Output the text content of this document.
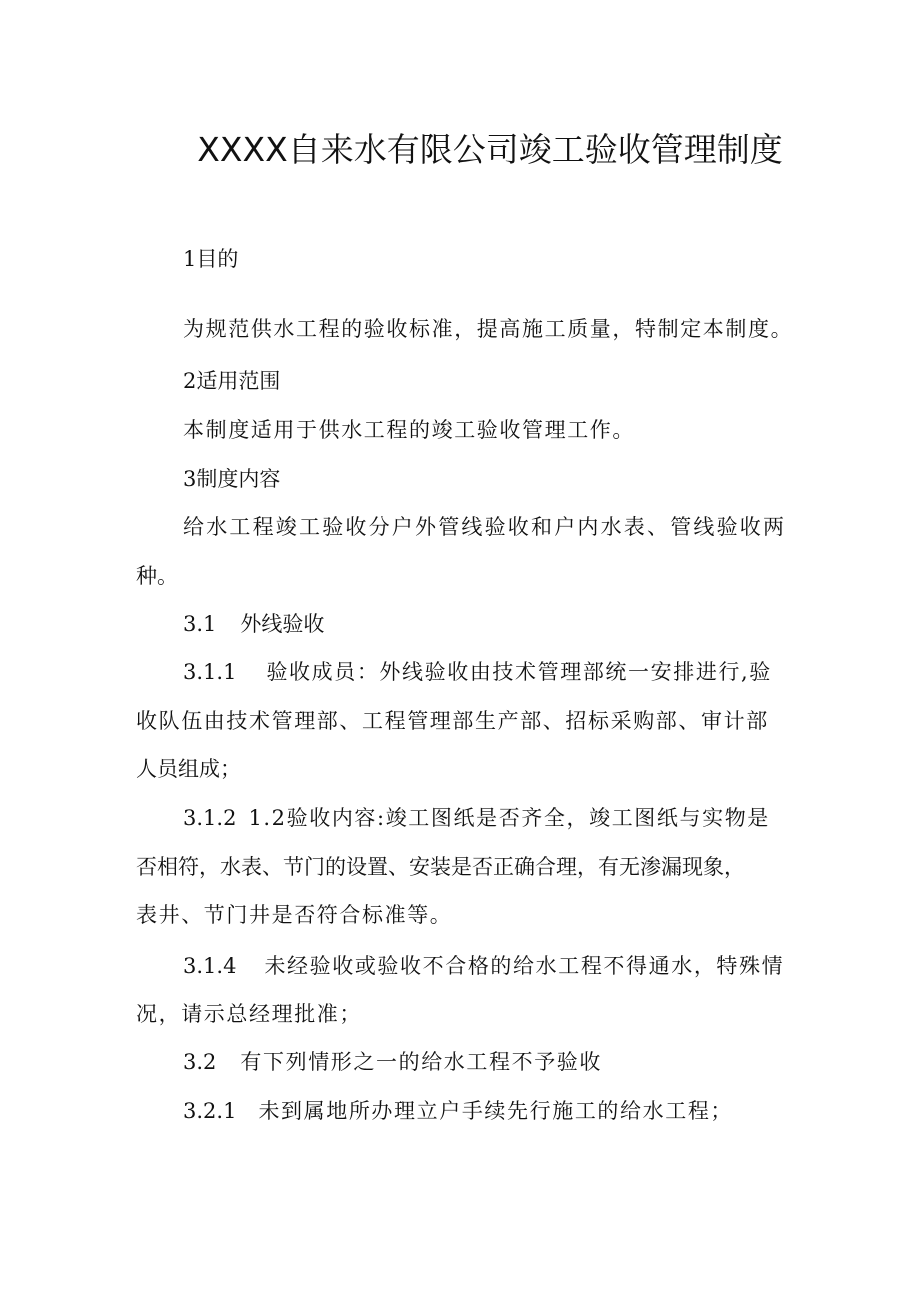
XXXX自来水有限公司竣工验收管理制度
1目的
为规范供水工程的验收标准，提高施工质量，特制定本制度。
2适用范围
本制度适用于供水工程的竣工验收管理工作。
3制度内容
给水工程竣工验收分户外管线验收和户内水表、管线验收两
种。
3.1 外线验收
3.1.1 验收成员：外线验收由技术管理部统一安排进行,验
收队伍由技术管理部、工程管理部生产部、招标采购部、审计部
人员组成；
3.1.2 1.2验收内容:竣工图纸是否齐全，竣工图纸与实物是
否相符，水表、节门的设置、安装是否正确合理，有无渗漏现象，
表井、节门井是否符合标准等。
3.1.4 未经验收或验收不合格的给水工程不得通水，特殊情
况，请示总经理批准；
3.2 有下列情形之一的给水工程不予验收
3.2.1 未到属地所办理立户手续先行施工的给水工程；
